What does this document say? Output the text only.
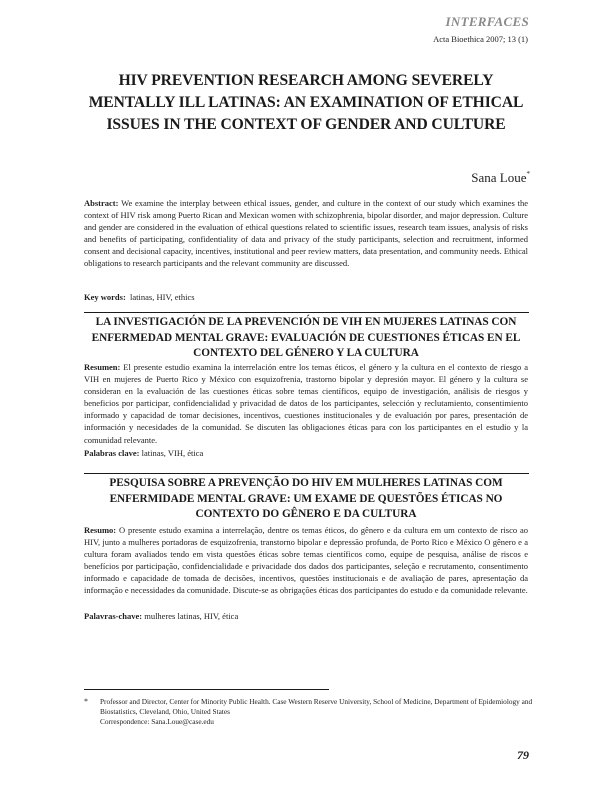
INTERFACES
Acta Bioethica 2007; 13 (1)
HIV PREVENTION RESEARCH AMONG SEVERELY MENTALLY ILL LATINAS: AN EXAMINATION OF ETHICAL ISSUES IN THE CONTEXT OF GENDER AND CULTURE
Sana Loue*
Abstract: We examine the interplay between ethical issues, gender, and culture in the context of our study which examines the context of HIV risk among Puerto Rican and Mexican women with schizophrenia, bipolar disorder, and major depression. Culture and gender are considered in the evaluation of ethical questions related to scientific issues, research team issues, analysis of risks and benefits of participating, confidentiality of data and privacy of the study participants, selection and recruitment, informed consent and decisional capacity, incentives, institutional and peer review matters, data presentation, and community needs. Ethical obligations to research participants and the relevant community are discussed.
Key words: latinas, HIV, ethics
LA INVESTIGACIÓN DE LA PREVENCIÓN DE VIH EN MUJERES LATINAS CON ENFERMEDAD MENTAL GRAVE: EVALUACIÓN DE CUESTIONES ÉTICAS EN EL CONTEXTO DEL GÉNERO Y LA CULTURA
Resumen: El presente estudio examina la interrelación entre los temas éticos, el género y la cultura en el contexto de riesgo a VIH en mujeres de Puerto Rico y México con esquizofrenia, trastorno bipolar y depresión mayor. El género y la cultura se consideran en la evaluación de las cuestiones éticas sobre temas científicos, equipo de investigación, análisis de riesgos y beneficios por participar, confidencialidad y privacidad de datos de los participantes, selección y reclutamiento, consentimiento informado y capacidad de tomar decisiones, incentivos, cuestiones institucionales y de evaluación por pares, presentación de información y necesidades de la comunidad. Se discuten las obligaciones éticas para con los participantes en el estudio y la comunidad relevante.
Palabras clave: latinas, VIH, ética
PESQUISA SOBRE A PREVENÇÃO DO HIV EM MULHERES LATINAS COM ENFERMIDADE MENTAL GRAVE: UM EXAME DE QUESTÕES ÉTICAS NO CONTEXTO DO GÊNERO E DA CULTURA
Resumo: O presente estudo examina a interrelação, dentre os temas éticos, do gênero e da cultura em um contexto de risco ao HIV, junto a mulheres portadoras de esquizofrenia, transtorno bipolar e depressão profunda, de Porto Rico e México O gênero e a cultura foram avaliados tendo em vista questões éticas sobre temas científicos como, equipe de pesquisa, análise de riscos e benefícios por participação, confidencialidade e privacidade dos dados dos participantes, seleção e recrutamento, consentimento informado e capacidade de tomada de decisões, incentivos, questões institucionais e de avaliação de pares, apresentação da informação e necessidades da comunidade. Discute-se as obrigações éticas dos participantes do estudo e da comunidade relevante.
Palavras-chave: mulheres latinas, HIV, ética
* Professor and Director, Center for Minority Public Health. Case Western Reserve University, School of Medicine, Department of Epidemiology and Biostatistics, Cleveland, Ohio, United States
Correspondence: Sana.Loue@case.edu
79
